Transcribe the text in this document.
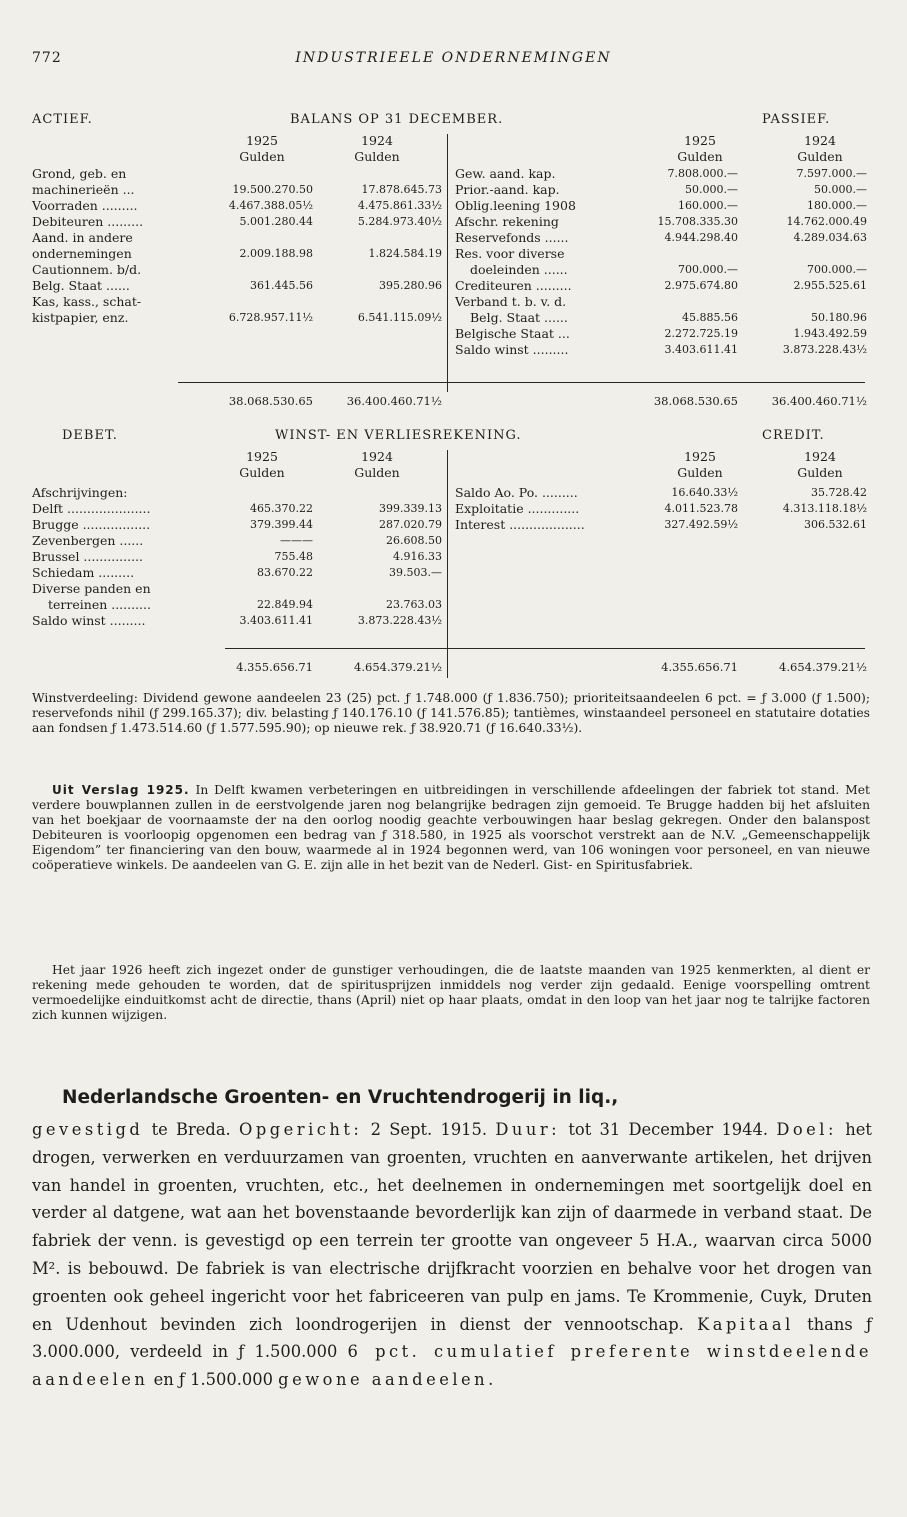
772	INDUSTRIEELE ONDERNEMINGEN
ACTIEF.	BALANS OP 31 DECEMBER.	PASSIEF.
1925	1924
Gulden	Gulden
1925	1924
Gulden	Gulden
Grond, geb. en
machinerieën ...	19.500.270.50	17.878.645.73
Voorraden .........	4.467.388.05½	4.475.861.33½
Debiteuren .........	5.001.280.44	5.284.973.40½
Aand. in andere
ondernemingen	2.009.188.98	1.824.584.19
Cautionnem. b/d.
Belg. Staat ......	361.445.56	395.280.96
Kas, kass., schat-
kistpapier, enz.	6.728.957.11½	6.541.115.09½
Gew. aand. kap.	7.808.000.—	7.597.000.—
Prior.-aand. kap.	50.000.—	50.000.—
Oblig.leening 1908	160.000.—	180.000.—
Afschr. rekening	15.708.335.30	14.762.000.49
Reservefonds ......	4.944.298.40	4.289.034.63
Res. voor diverse
doeleinden ......	700.000.—	700.000.—
Crediteuren .........	2.975.674.80	2.955.525.61
Verband t. b. v. d.
Belg. Staat ......	45.885.56	50.180.96
Belgische Staat ...	2.272.725.19	1.943.492.59
Saldo winst .........	3.403.611.41	3.873.228.43½
38.068.530.65	36.400.460.71½	38.068.530.65	36.400.460.71½
DEBET.	WINST- EN VERLIESREKENING.	CREDIT.
1925	1924
Gulden	Gulden
1925	1924
Gulden	Gulden
Afschrijvingen:
Delft .....................	465.370.22	399.339.13
Brugge .................	379.399.44	287.020.79
Zevenbergen ......	———	26.608.50
Brussel ...............	755.48	4.916.33
Schiedam .........	83.670.22	39.503.—
Diverse panden en
terreinen ..........	22.849.94	23.763.03
Saldo winst .........	3.403.611.41	3.873.228.43½
Saldo Ao. Po. .........	16.640.33½	35.728.42
Exploitatie .............	4.011.523.78	4.313.118.18½
Interest ...................	327.492.59½	306.532.61
4.355.656.71	4.654.379.21½	4.355.656.71	4.654.379.21½
Winstverdeeling: Dividend gewone aandeelen 23 (25) pct. ƒ 1.748.000 (ƒ 1.836.750); prioriteitsaandeelen 6 pct. = ƒ 3.000 (ƒ 1.500); reservefonds nihil (ƒ 299.165.37); div. belasting ƒ 140.176.10 (ƒ 141.576.85); tantièmes, winstaandeel personeel en statutaire dotaties aan fondsen ƒ 1.473.514.60 (ƒ 1.577.595.90); op nieuwe rek. ƒ 38.920.71 (ƒ 16.640.33½).
Uit Verslag 1925. In Delft kwamen verbeteringen en uitbreidingen in verschillende afdeelingen der fabriek tot stand. Met verdere bouwplannen zullen in de eerstvolgende jaren nog belangrijke bedragen zijn gemoeid. Te Brugge hadden bij het afsluiten van het boekjaar de voornaamste der na den oorlog noodig geachte verbouwingen haar beslag gekregen. Onder den balanspost Debiteuren is voorloopig opgenomen een bedrag van ƒ 318.580, in 1925 als voorschot verstrekt aan de N.V. „Gemeenschappelijk Eigendom” ter financiering van den bouw, waarmede al in 1924 begonnen werd, van 106 woningen voor personeel, en van nieuwe coöperatieve winkels. De aandeelen van G. E. zijn alle in het bezit van de Nederl. Gist- en Spiritusfabriek.
Het jaar 1926 heeft zich ingezet onder de gunstiger verhoudingen, die de laatste maanden van 1925 kenmerkten, al dient er rekening mede gehouden te worden, dat de spiritusprijzen inmiddels nog verder zijn gedaald. Eenige voorspelling omtrent vermoedelijke einduitkomst acht de directie, thans (April) niet op haar plaats, omdat in den loop van het jaar nog te talrijke factoren zich kunnen wijzigen.
Nederlandsche Groenten- en Vruchtendrogerij in liq.,
gevestigd te Breda. Opgericht: 2 Sept. 1915. Duur: tot 31 December 1944. Doel: het drogen, verwerken en verduurzamen van groenten, vruchten en aanverwante artikelen, het drijven van handel in groenten, vruchten, etc., het deelnemen in ondernemingen met soortgelijk doel en verder al datgene, wat aan het bovenstaande bevorderlijk kan zijn of daarmede in verband staat. De fabriek der venn. is gevestigd op een terrein ter grootte van ongeveer 5 H.A., waarvan circa 5000 M². is bebouwd. De fabriek is van electrische drijfkracht voorzien en behalve voor het drogen van groenten ook geheel ingericht voor het fabriceeren van pulp en jams. Te Krommenie, Cuyk, Druten en Udenhout bevinden zich loondrogerijen in dienst der vennootschap. Kapitaal thans ƒ 3.000.000, verdeeld in ƒ 1.500.000 6 pct. cumulatief preferente winstdeelende aandeelen en ƒ 1.500.000 gewone aandeelen.
